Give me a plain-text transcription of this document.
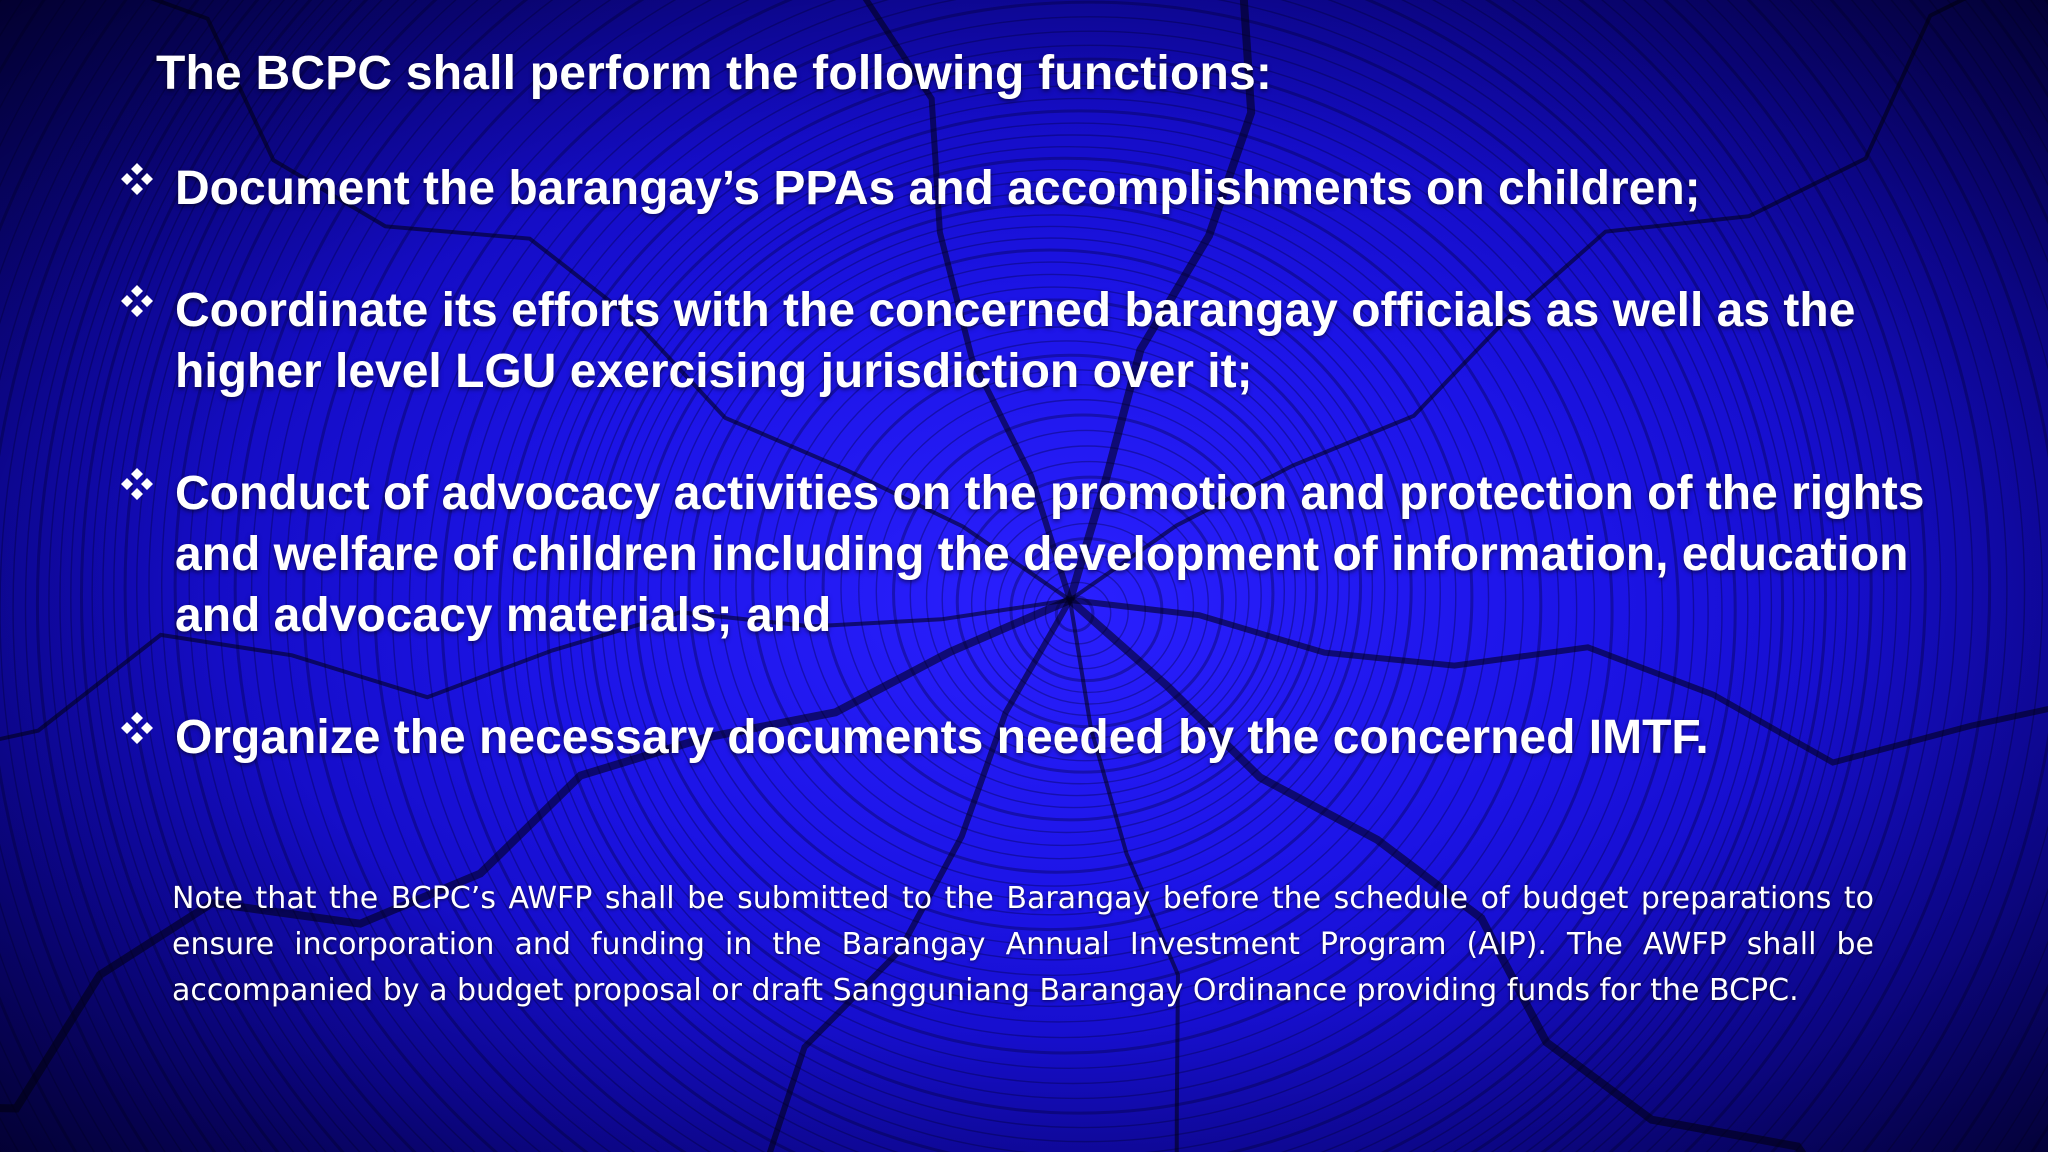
The BCPC shall perform the following functions:
Document the barangay’s PPAs and accomplishments on children;
Coordinate its efforts with the concerned barangay officials as well as the higher level LGU exercising jurisdiction over it;
Conduct of advocacy activities on the promotion and protection of the rights and welfare of children including the development of information, education and advocacy materials; and
Organize the necessary documents needed by the concerned IMTF.
Note that the BCPC’s AWFP shall be submitted to the Barangay before the schedule of budget preparations to ensure incorporation and funding in the Barangay Annual Investment Program (AIP). The AWFP shall be accompanied by a budget proposal or draft Sangguniang Barangay Ordinance providing funds for the BCPC.
